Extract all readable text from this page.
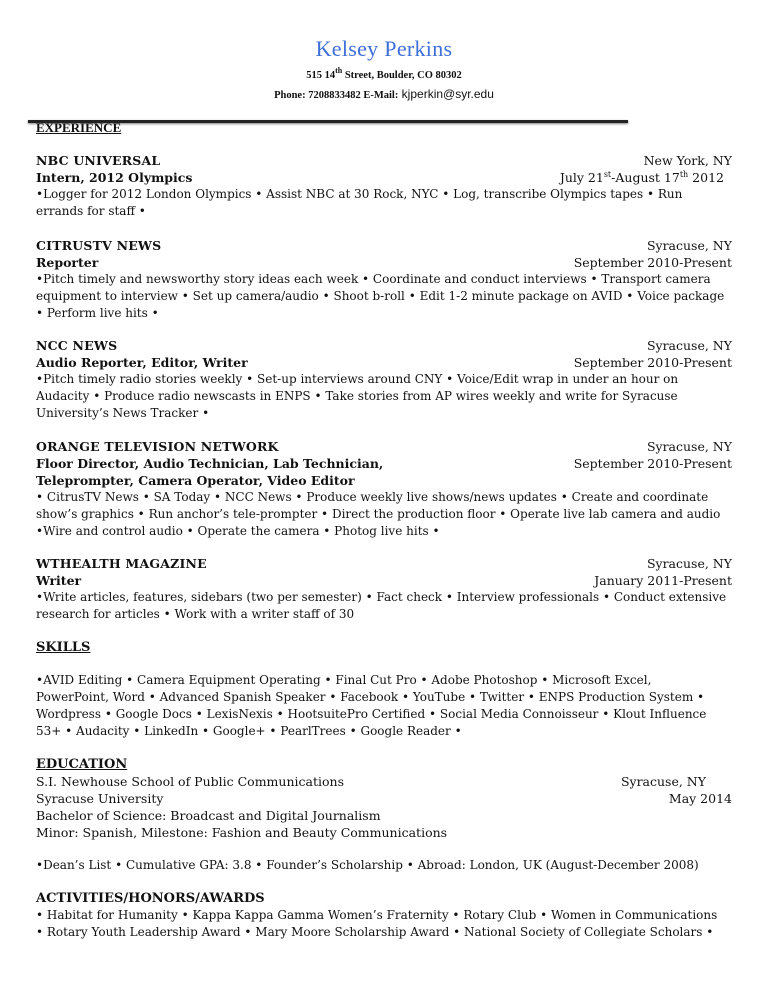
Kelsey Perkins
515 14th Street, Boulder, CO 80302
Phone: 7208833482 E-Mail: kjperkin@syr.edu
EXPERIENCE
NBC UNIVERSAL	New York, NY
Intern, 2012 Olympics	July 21st-August 17th 2012
•Logger for 2012 London Olympics • Assist NBC at 30 Rock, NYC • Log, transcribe Olympics tapes • Run
errands for staff •
CITRUSTV NEWS	Syracuse, NY
Reporter	September 2010-Present
•Pitch timely and newsworthy story ideas each week • Coordinate and conduct interviews • Transport camera
equipment to interview • Set up camera/audio • Shoot b-roll • Edit 1-2 minute package on AVID • Voice package
• Perform live hits •
NCC NEWS	Syracuse, NY
Audio Reporter, Editor, Writer	September 2010-Present
•Pitch timely radio stories weekly • Set-up interviews around CNY • Voice/Edit wrap in under an hour on
Audacity • Produce radio newscasts in ENPS • Take stories from AP wires weekly and write for Syracuse
University’s News Tracker •
ORANGE TELEVISION NETWORK	Syracuse, NY
Floor Director, Audio Technician, Lab Technician,	September 2010-Present
Teleprompter, Camera Operator, Video Editor
• CitrusTV News • SA Today • NCC News • Produce weekly live shows/news updates • Create and coordinate
show’s graphics • Run anchor’s tele-prompter • Direct the production floor • Operate live lab camera and audio
•Wire and control audio • Operate the camera • Photog live hits •
WTHEALTH MAGAZINE	Syracuse, NY
Writer	January 2011-Present
•Write articles, features, sidebars (two per semester) • Fact check • Interview professionals • Conduct extensive
research for articles • Work with a writer staff of 30
SKILLS
•AVID Editing • Camera Equipment Operating • Final Cut Pro • Adobe Photoshop • Microsoft Excel,
PowerPoint, Word • Advanced Spanish Speaker • Facebook • YouTube • Twitter • ENPS Production System •
Wordpress • Google Docs • LexisNexis • HootsuitePro Certified • Social Media Connoisseur • Klout Influence
53+ • Audacity • LinkedIn • Google+ • PearlTrees • Google Reader •
EDUCATION
S.I. Newhouse School of Public Communications	Syracuse, NY
Syracuse University	May 2014
Bachelor of Science: Broadcast and Digital Journalism
Minor: Spanish, Milestone: Fashion and Beauty Communications
•Dean’s List • Cumulative GPA: 3.8 • Founder’s Scholarship • Abroad: London, UK (August-December 2008)
ACTIVITIES/HONORS/AWARDS
• Habitat for Humanity • Kappa Kappa Gamma Women’s Fraternity • Rotary Club • Women in Communications
• Rotary Youth Leadership Award • Mary Moore Scholarship Award • National Society of Collegiate Scholars •
